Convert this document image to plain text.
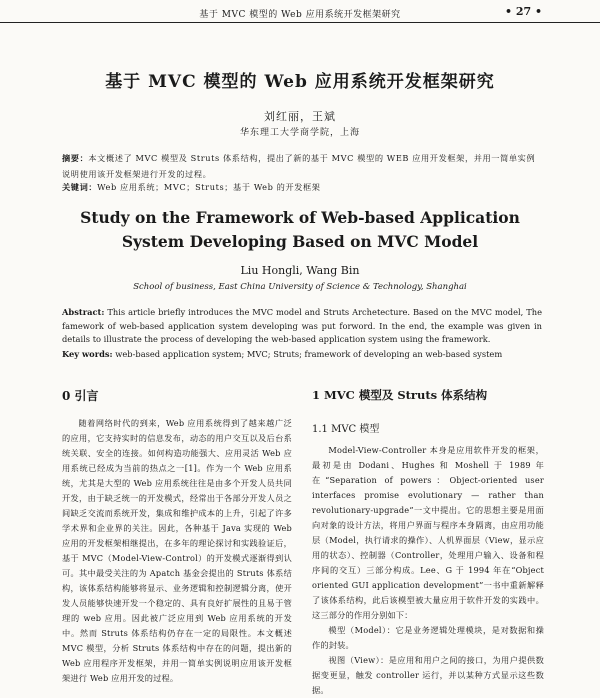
基于 MVC 模型的 Web 应用系统开发框架研究	• 27 •
基于 MVC 模型的 Web 应用系统开发框架研究
刘红丽，王斌
华东理工大学商学院，上海
摘要：本文概述了 MVC 模型及 Struts 体系结构，提出了新的基于 MVC 模型的 WEB 应用开发框架，并用一简单实例说明使用该开发框架进行开发的过程。
关键词：Web 应用系统；MVC；Struts；基于 Web 的开发框架
Study on the Framework of Web-based Application
System Developing Based on MVC Model
Liu Hongli, Wang Bin
School of business, East China University of Science & Technology, Shanghai
Abstract: This article briefly introduces the MVC model and Struts Archetecture. Based on the MVC model, The famework of web-based application system developing was put forword. In the end, the example was given in details to illustrate the process of developing the web-based application system using the framework.
Key words: web-based application system; MVC; Struts; framework of developing an web-based system
0 引言	1 MVC 模型及 Struts 体系结构
1.1 MVC 模型

随着网络时代的到来，Web 应用系统得到了越来越广泛的应用，它支持实时的信息发布，动态的用户交互以及后台系统关联、安全的连接。如何构造功能强大、应用灵活 Web 应用系统已经成为当前的热点之一[1]。作为一个 Web 应用系统，尤其是大型的 Web 应用系统往往是由多个开发人员共同开发，由于缺乏统一的开发模式，经常出于各部分开发人员之间缺乏交流而系统开发，集成和维护成本的上升，引起了许多学术界和企业界的关注。因此，各种基于 Java 实现的 Web 应用的开发框架相继提出，在多年的理论探讨和实践验证后，基于 MVC（Model-View-Control）的开发模式逐渐得到认可。其中最受关注的为 Apatch 基金会提出的 Struts 体系结构，该体系结构能够将显示、业务逻辑和控制逻辑分离，使开发人员能够快速开发一个稳定的、具有良好扩展性的且易于管理的 web 应用。因此被广泛应用到 Web 应用系统的开发中。然而 Struts 体系结构仍存在一定的局限性。本文概述 MVC 模型，分析 Struts 体系结构中存在的问题，提出新的 Web 应用程序开发框架，并用一简单实例说明应用该开发框架进行 Web 应用开发的过程。

Model-View-Controller 本身是应用软件开发的框架，最初是由 Dodani、Hughes 和 Moshell 于 1989 年在“Separation of powers：Object-oriented user interfaces promise evolutionary — rather than revolutionary-upgrade”一文中提出。它的思想主要是用面向对象的设计方法，将用户界面与程序本身隔离，由应用功能层（Model，执行请求的操作）、人机界面层（View，显示应用的状态）、控制器（Controller，处理用户输入、设备和程序间的交互）三部分构成。Lee、G 于 1994 年在“Object oriented GUI application development”一书中重新解释了该体系结构，此后该模型被大量应用于软件开发的实践中。这三部分的作用分别如下：

模型（Model）：它是业务逻辑处理模块，是对数据和操作的封装。

视图（View）：是应用和用户之间的接口，为用户提供数据变更显，触发 controller 运行，并以某种方式显示这些数据。
